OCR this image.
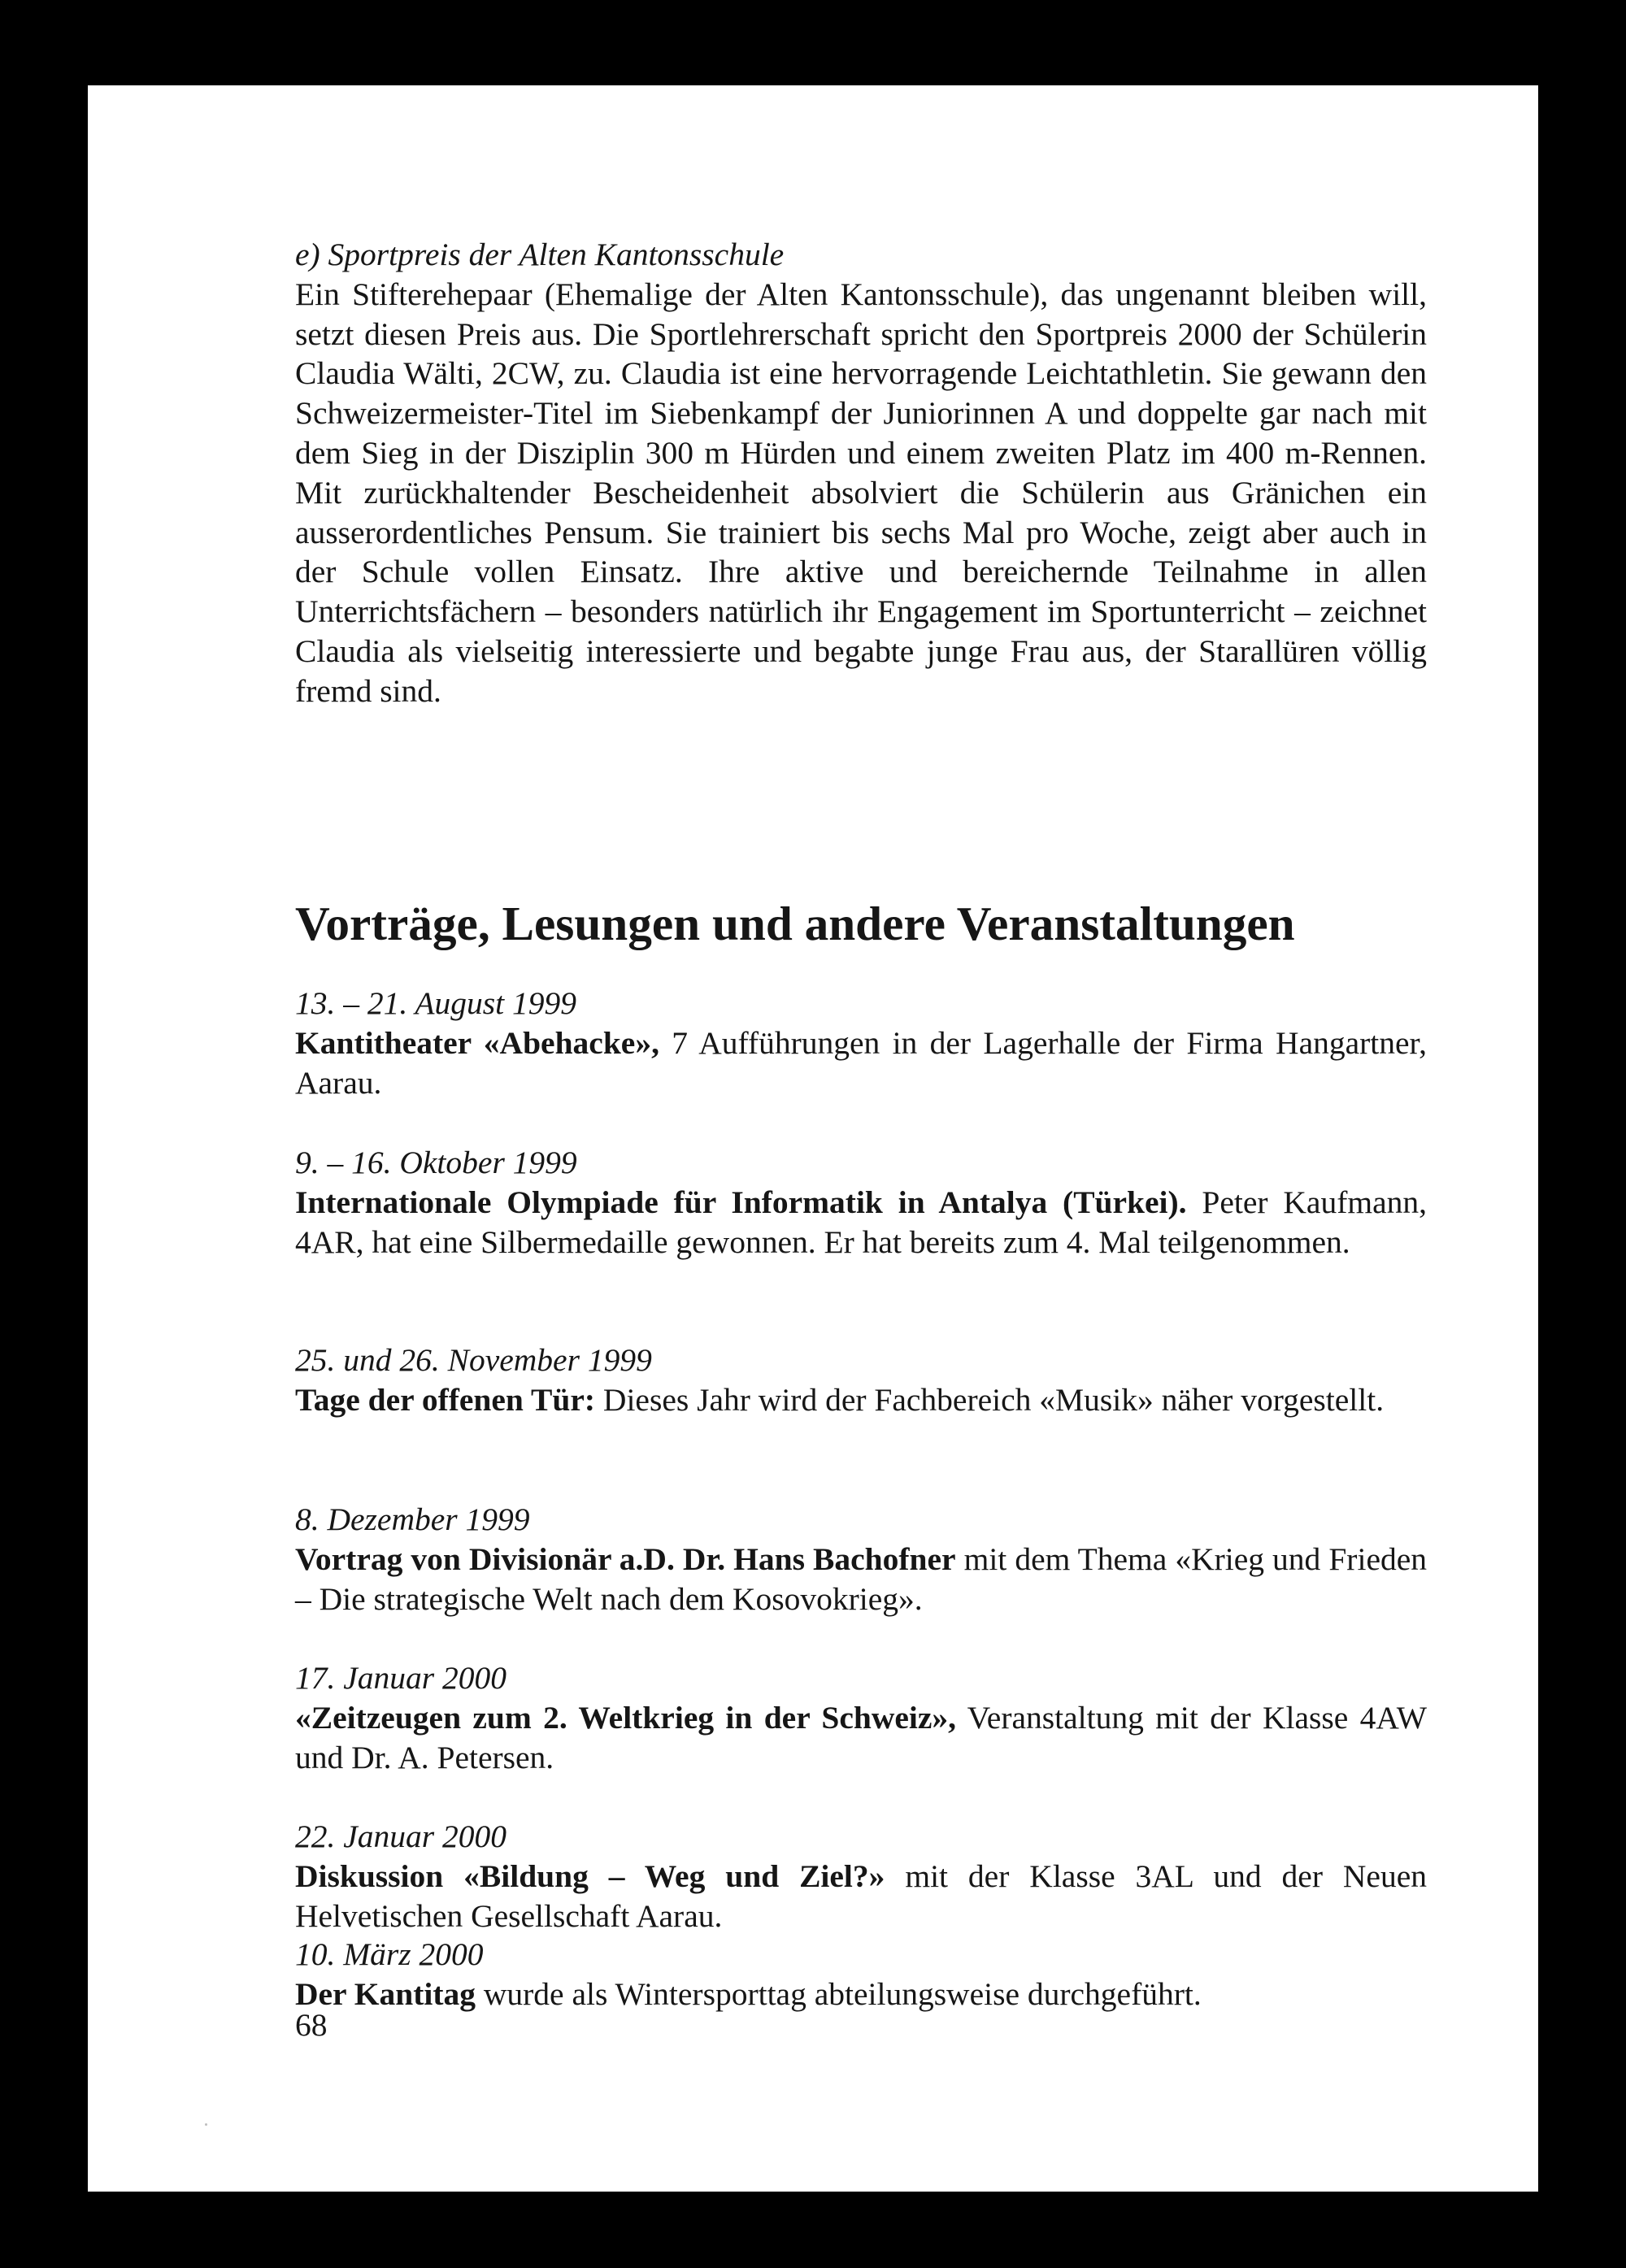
e) Sportpreis der Alten Kantonsschule

Ein Stifterehepaar (Ehemalige der Alten Kantonsschule), das ungenannt bleiben will, setzt diesen Preis aus. Die Sportlehrerschaft spricht den Sportpreis 2000 der Schülerin Claudia Wälti, 2CW, zu. Claudia ist eine hervorragende Leichtathletin. Sie gewann den Schweizermeister-Titel im Siebenkampf der Juniorinnen A und doppelte gar nach mit dem Sieg in der Disziplin 300 m Hürden und einem zweiten Platz im 400 m-Rennen. Mit zurückhaltender Bescheidenheit absolviert die Schülerin aus Gränichen ein ausserordentliches Pensum. Sie trainiert bis sechs Mal pro Woche, zeigt aber auch in der Schule vollen Einsatz. Ihre aktive und bereichernde Teilnahme in allen Unterrichtsfächern – besonders natürlich ihr Engagement im Sportunterricht – zeichnet Claudia als vielseitig interessierte und begabte junge Frau aus, der Starallüren völlig fremd sind.

Vorträge, Lesungen und andere Veranstaltungen

13. – 21. August 1999

Kantitheater «Abehacke», 7 Aufführungen in der Lagerhalle der Firma Hangartner, Aarau.

9. – 16. Oktober 1999

Internationale Olympiade für Informatik in Antalya (Türkei). Peter Kaufmann, 4AR, hat eine Silbermedaille gewonnen. Er hat bereits zum 4. Mal teilgenommen.

25. und 26. November 1999

Tage der offenen Tür: Dieses Jahr wird der Fachbereich «Musik» näher vorgestellt.

8. Dezember 1999

Vortrag von Divisionär a.D. Dr. Hans Bachofner mit dem Thema «Krieg und Frieden – Die strategische Welt nach dem Kosovokrieg».

17. Januar 2000

«Zeitzeugen zum 2. Weltkrieg in der Schweiz», Veranstaltung mit der Klasse 4AW und Dr. A. Petersen.

22. Januar 2000

Diskussion «Bildung – Weg und Ziel?» mit der Klasse 3AL und der Neuen Helvetischen Gesellschaft Aarau.

10. März 2000

Der Kantitag wurde als Wintersporttag abteilungsweise durchgeführt.

68
